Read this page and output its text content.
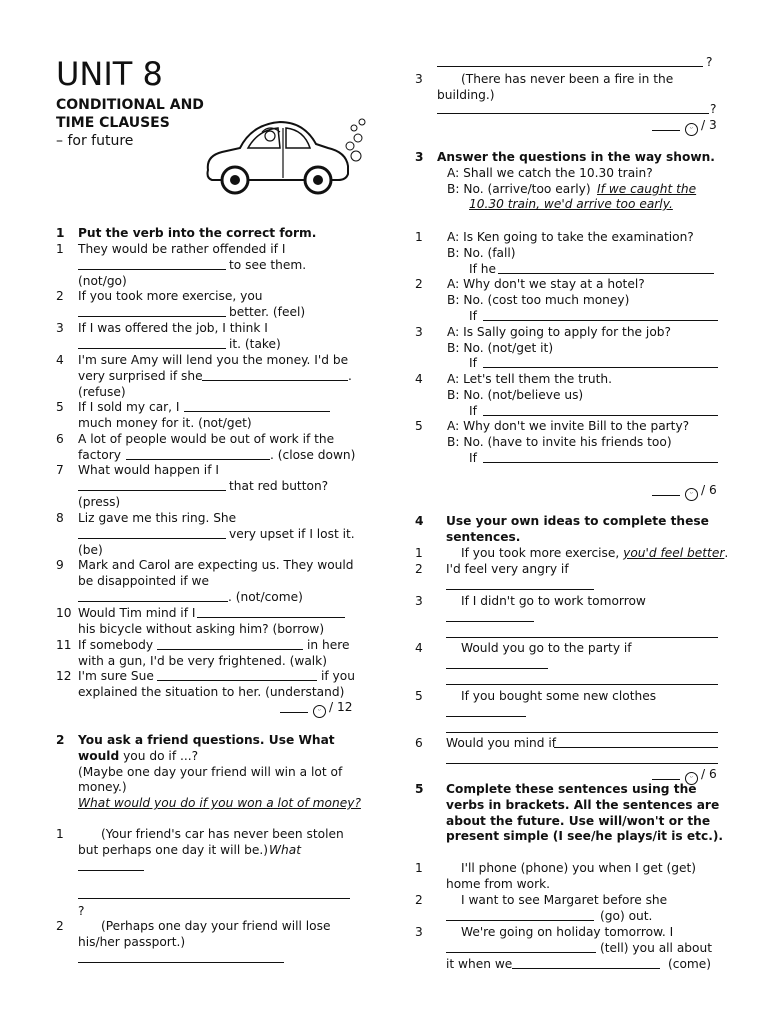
UNIT 8
CONDITIONAL AND
TIME CLAUSES
– for future
1 Put the verb into the correct form.
1 They would be rather offended if I
to see them.
(not/go)
2 If you took more exercise, you
better. (feel)
3 If I was offered the job, I think I
it. (take)
4 I'm sure Amy will lend you the money. I'd be
very surprised if she	.
(refuse)
5 If I sold my car, I
much money for it. (not/get)
6 A lot of people would be out of work if the
factory	. (close down)
7 What would happen if I
that red button?
(press)
8 Liz gave me this ring. She
very upset if I lost it.
(be)
9 Mark and Carol are expecting us. They would
be disappointed if we
. (not/come)
10 Would Tim mind if I
his bicycle without asking him? (borrow)
11 If somebody	in here
with a gun, I'd be very frightened. (walk)
12 I'm sure Sue	if you
explained the situation to her. (understand)
ᵕ / 12
2 You ask a friend questions. Use What
would you do if ...?
(Maybe one day your friend will win a lot of
money.)
What would you do if you won a lot of money?
1	(Your friend's car has never been stolen
but perhaps one day it will be.) What
?
2	(Perhaps one day your friend will lose
his/her passport.)
?
3	(There has never been a fire in the
building.)
?
ᵕ / 3
3 Answer the questions in the way shown.
A: Shall we catch the 10.30 train?
B: No. (arrive/too early) If we caught the
10.30 train, we'd arrive too early.
1 A: Is Ken going to take the examination?
B: No. (fall)
If he
2 A: Why don't we stay at a hotel?
B: No. (cost too much money)
If
3 A: Is Sally going to apply for the job?
B: No. (not/get it)
If
4 A: Let's tell them the truth.
B: No. (not/believe us)
If
5 A: Why don't we invite Bill to the party?
B: No. (have to invite his friends too)
If
ᵕ / 6
4 Use your own ideas to complete these
sentences.
1	If you took more exercise, you'd feel better.
2 I'd feel very angry if
3	If I didn't go to work tomorrow
4	Would you go to the party if
5	If you bought some new clothes
6 Would you mind if
ᵕ / 6
5 Complete these sentences using the
verbs in brackets. All the sentences are
about the future. Use will/won't or the
present simple (I see/he plays/it is etc.).
1	I'll phone (phone) you when I get (get)
home from work.
2	I want to see Margaret before she
(go) out.
3	We're going on holiday tomorrow. I
(tell) you all about
it when we	(come)
